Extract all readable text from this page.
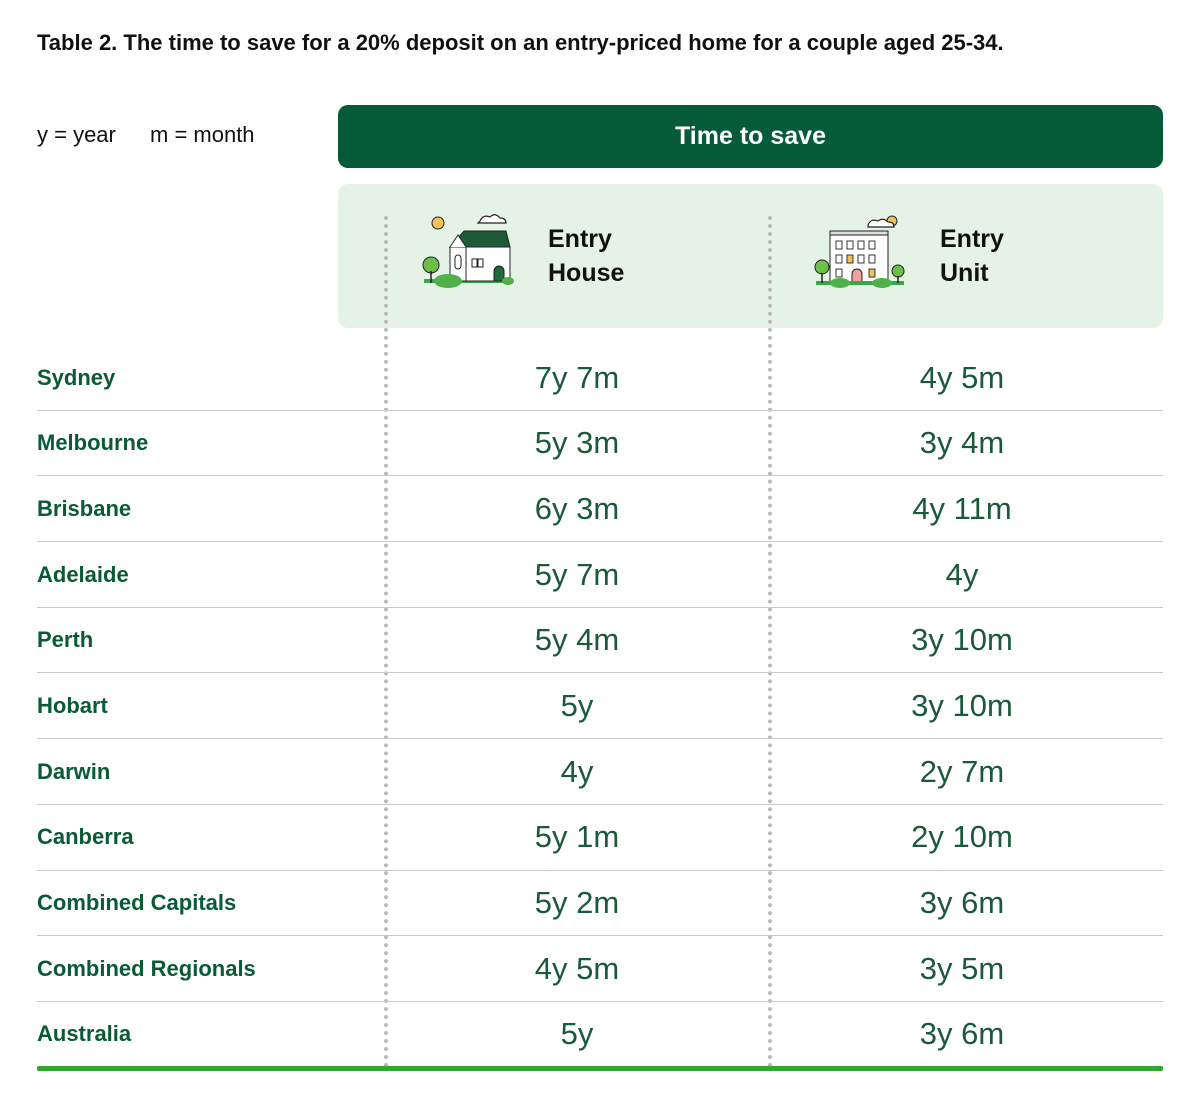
Table 2. The time to save for a 20% deposit on an entry-priced home for a couple aged 25-34.
y = year m = month	Time to save
Entry
House
Entry
Unit
Sydney	7y 7m	4y 5m
Melbourne	5y 3m	3y 4m
Brisbane	6y 3m	4y 11m
Adelaide	5y 7m	4y
Perth	5y 4m	3y 10m
Hobart	5y	3y 10m
Darwin	4y	2y 7m
Canberra	5y 1m	2y 10m
Combined Capitals	5y 2m	3y 6m
Combined Regionals	4y 5m	3y 5m
Australia	5y	3y 6m
